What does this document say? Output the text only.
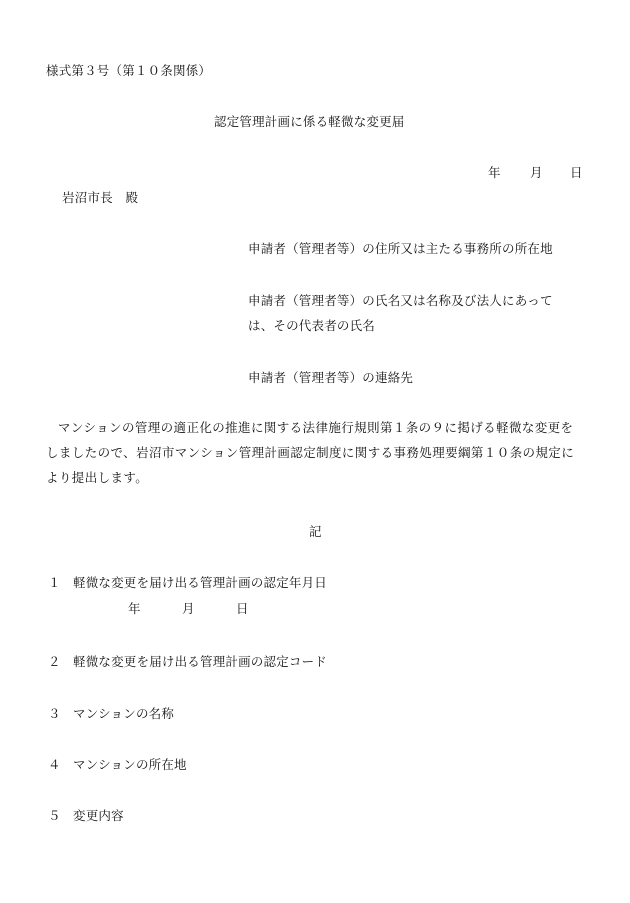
様式第３号（第１０条関係）
認定管理計画に係る軽微な変更届
年 月 日
岩沼市長　殿
申請者（管理者等）の住所又は主たる事務所の所在地
申請者（管理者等）の氏名又は名称及び法人にあって
は、その代表者の氏名
申請者（管理者等）の連絡先
マンションの管理の適正化の推進に関する法律施行規則第１条の９に掲げる軽微な変更をしましたので、岩沼市マンション管理計画認定制度に関する事務処理要綱第１０条の規定により提出します。
記
１ 軽微な変更を届け出る管理計画の認定年月日
年	月	日
２ 軽微な変更を届け出る管理計画の認定コード
３ マンションの名称
４ マンションの所在地
５ 変更内容
